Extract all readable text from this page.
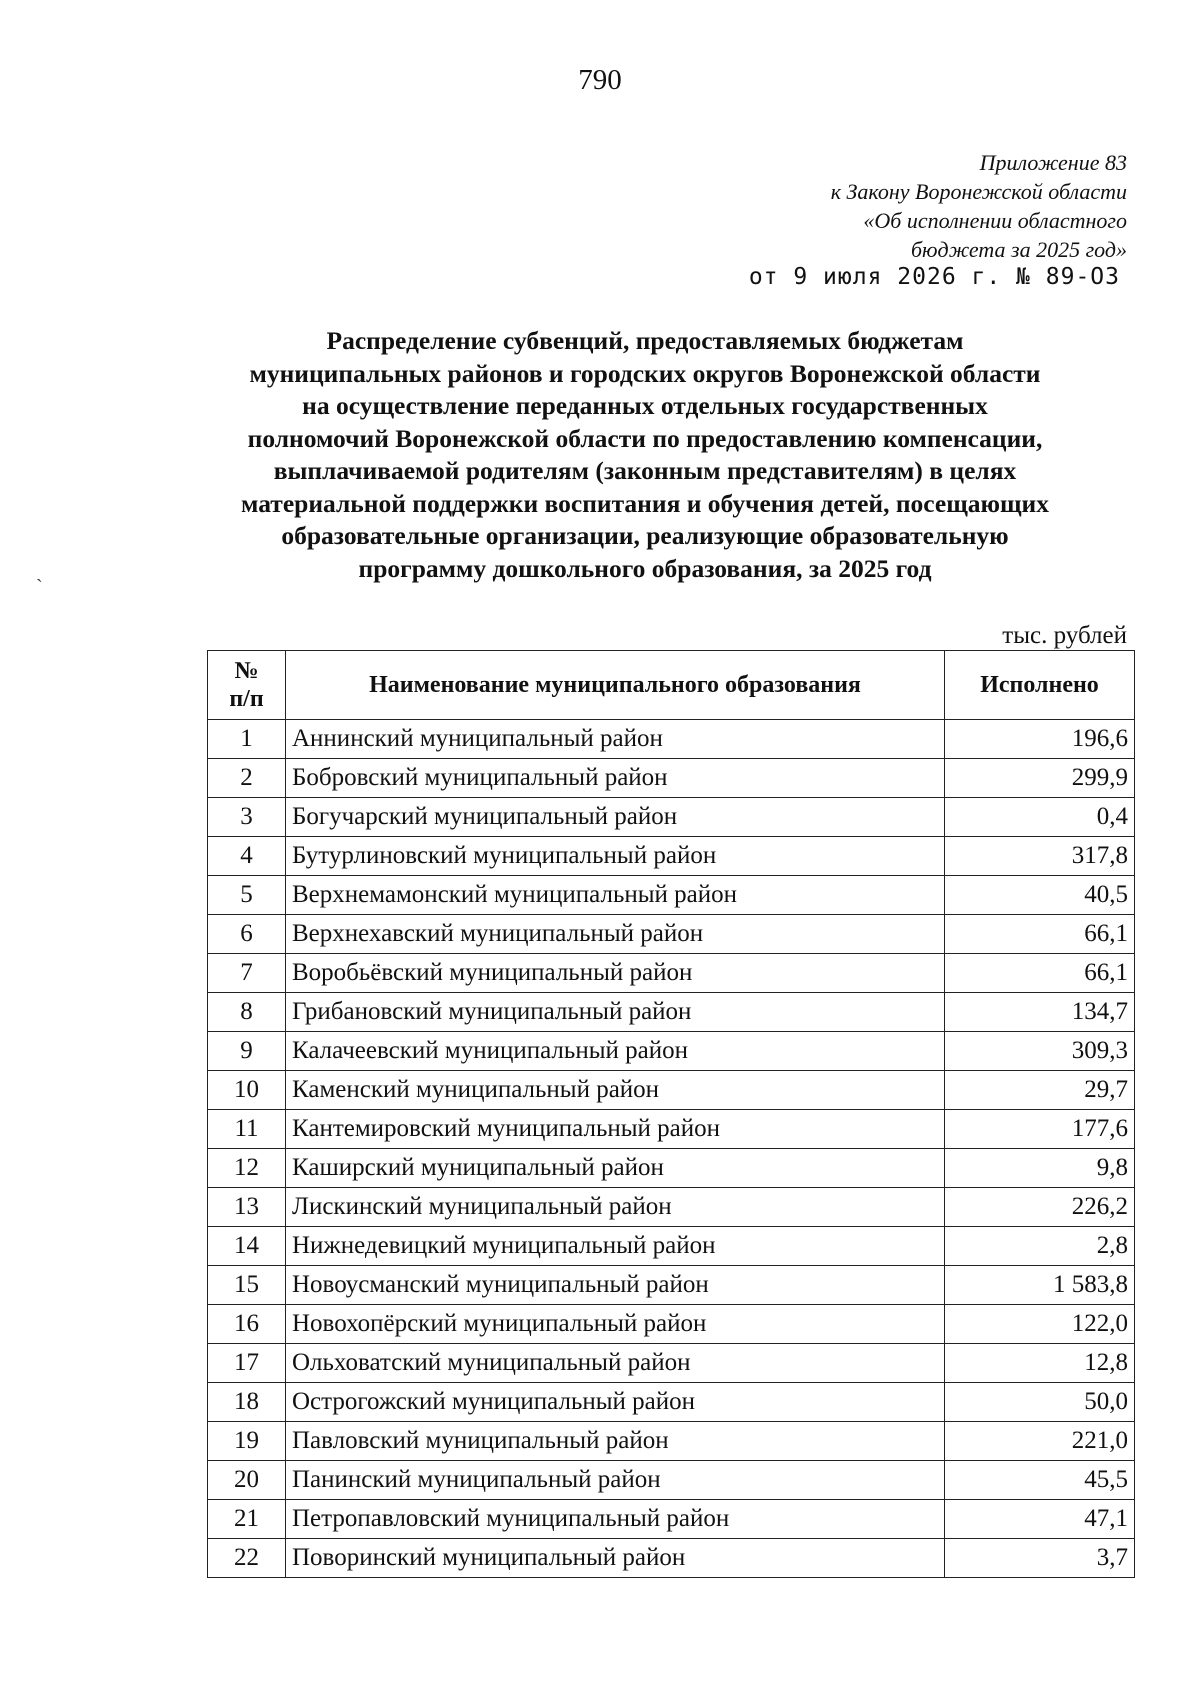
790
Приложение 83
к Закону Воронежской области
«Об исполнении областного
бюджета за 2025 год»
от 9 июля 2026 г. № 89-ОЗ
`
Распределение субвенций, предоставляемых бюджетам
муниципальных районов и городских округов Воронежской области
на осуществление переданных отдельных государственных
полномочий Воронежской области по предоставлению компенсации,
выплачиваемой родителям (законным представителям) в целях
материальной поддержки воспитания и обучения детей, посещающих
образовательные организации, реализующие образовательную
программу дошкольного образования, за 2025 год
тыс. рублей
№
п/п	Наименование муниципального образования	Исполнено
1	Аннинский муниципальный район	196,6
2	Бобровский муниципальный район	299,9
3	Богучарский муниципальный район	0,4
4	Бутурлиновский муниципальный район	317,8
5	Верхнемамонский муниципальный район	40,5
6	Верхнехавский муниципальный район	66,1
7	Воробьёвский муниципальный район	66,1
8	Грибановский муниципальный район	134,7
9	Калачеевский муниципальный район	309,3
10	Каменский муниципальный район	29,7
11	Кантемировский муниципальный район	177,6
12	Каширский муниципальный район	9,8
13	Лискинский муниципальный район	226,2
14	Нижнедевицкий муниципальный район	2,8
15	Новоусманский муниципальный район	1 583,8
16	Новохопёрский муниципальный район	122,0
17	Ольховатский муниципальный район	12,8
18	Острогожский муниципальный район	50,0
19	Павловский муниципальный район	221,0
20	Панинский муниципальный район	45,5
21	Петропавловский муниципальный район	47,1
22	Поворинский муниципальный район	3,7
